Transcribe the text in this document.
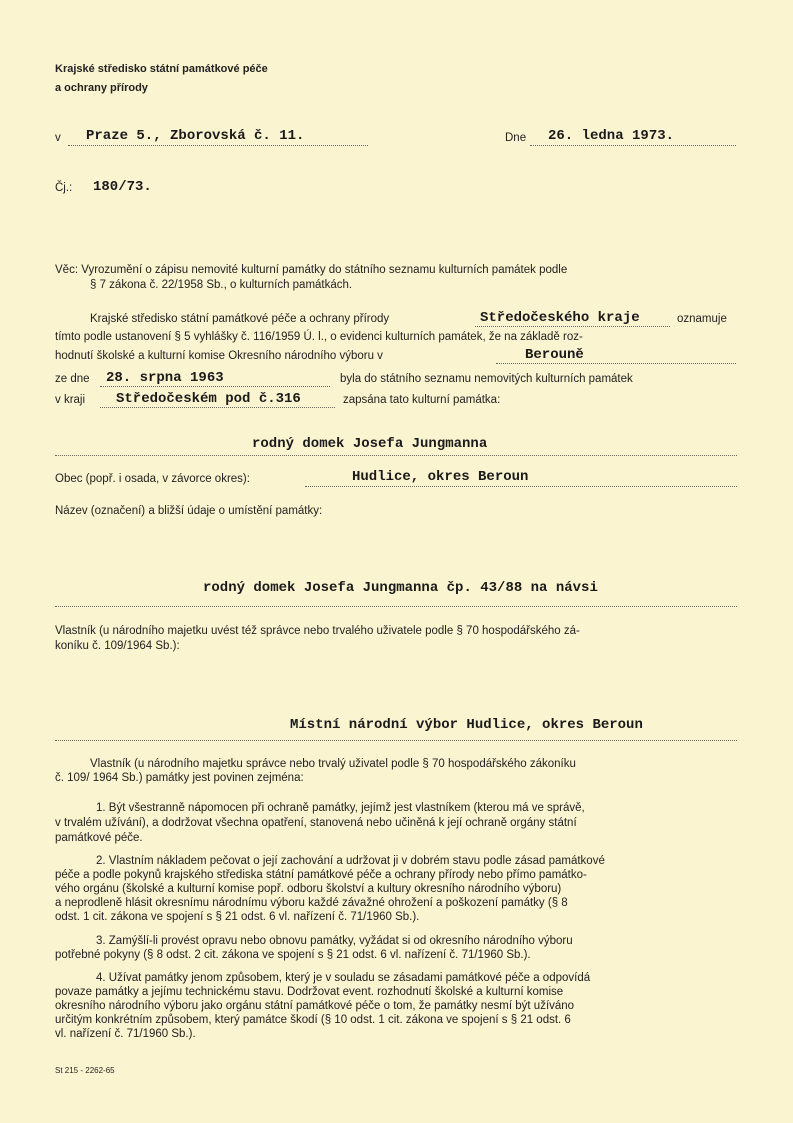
Krajské středisko státní památkové péče
a ochrany přírody
v Praze 5., Zborovská č. 11.	Dne 26. ledna 1973.
Čj.: 180/73.
Věc: Vyrozumění o zápisu nemovité kulturní památky do státního seznamu kulturních památek podle
§ 7 zákona č. 22/1958 Sb., o kulturních památkách.
Krajské středisko státní památkové péče a ochrany přírody	Středočeského kraje	oznamuje
tímto podle ustanovení § 5 vyhlášky č. 116/1959 Ú. l., o evidenci kulturních památek, že na základě roz-
hodnutí školské a kulturní komise Okresního národního výboru v	Berouně
ze dne 28. srpna 1963	byla do státního seznamu nemovitých kulturních památek
v kraji Středočeském pod č.316	zapsána tato kulturní památka:
rodný domek Josefa Jungmanna
Obec (popř. i osada, v závorce okres):	Hudlice, okres Beroun
Název (označení) a bližší údaje o umístění památky:
rodný domek Josefa Jungmanna čp. 43/88 na návsi
Vlastník (u národního majetku uvést též správce nebo trvalého uživatele podle § 70 hospodářského zá-
koníku č. 109/1964 Sb.):
Místní národní výbor Hudlice, okres Beroun
Vlastník (u národního majetku správce nebo trvalý uživatel podle § 70 hospodářského zákoníku
č. 109/ 1964 Sb.) památky jest povinen zejména:
1. Být všestranně nápomocen při ochraně památky, jejímž jest vlastníkem (kterou má ve správě,
v trvalém užívání), a dodržovat všechna opatření, stanovená nebo učiněná k její ochraně orgány státní
památkové péče.
2. Vlastním nákladem pečovat o její zachování a udržovat ji v dobrém stavu podle zásad památkové
péče a podle pokynů krajského střediska státní památkové péče a ochrany přírody nebo přímo památko-
vého orgánu (školské a kulturní komise popř. odboru školství a kultury okresního národního výboru)
a neprodleně hlásit okresnímu národnímu výboru každé závažné ohrožení a poškození památky (§ 8
odst. 1 cit. zákona ve spojení s § 21 odst. 6 vl. nařízení č. 71/1960 Sb.).
3. Zamýšlí-li provést opravu nebo obnovu památky, vyžádat si od okresního národního výboru
potřebné pokyny (§ 8 odst. 2 cit. zákona ve spojení s § 21 odst. 6 vl. nařízení č. 71/1960 Sb.).
4. Užívat památky jenom způsobem, který je v souladu se zásadami památkové péče a odpovídá
povaze památky a jejímu technickému stavu. Dodržovat event. rozhodnutí školské a kulturní komise
okresního národního výboru jako orgánu státní památkové péče o tom, že památky nesmí být užíváno
určitým konkrétním způsobem, který památce škodí (§ 10 odst. 1 cit. zákona ve spojení s § 21 odst. 6
vl. nařízení č. 71/1960 Sb.).
St 215 - 2262-65
